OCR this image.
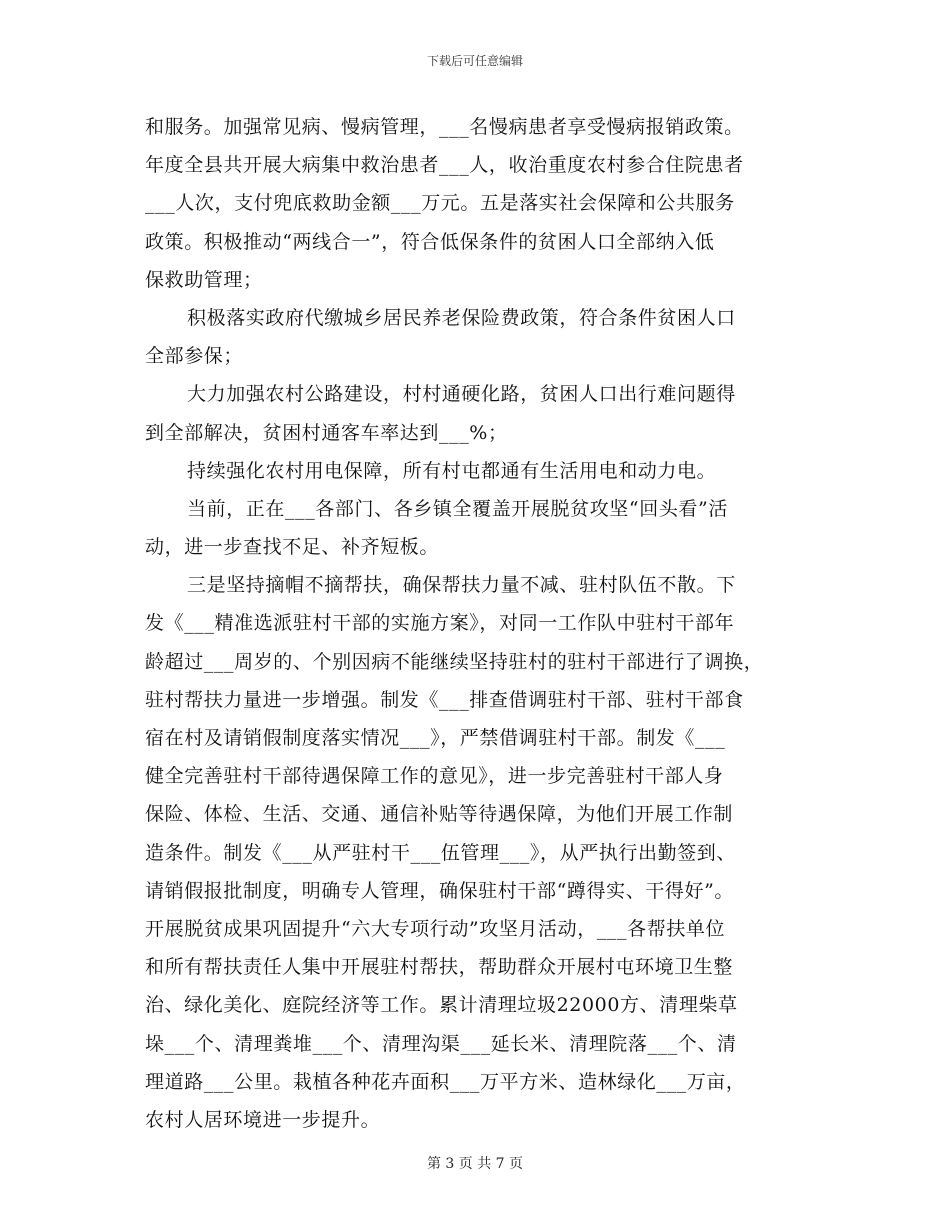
下载后可任意编辑
和服务。加强常见病、慢病管理，___名慢病患者享受慢病报销政策。
年度全县共开展大病集中救治患者___人，收治重度农村参合住院患者
___人次，支付兜底救助金额___万元。五是落实社会保障和公共服务
政策。积极推动“两线合一”，符合低保条件的贫困人口全部纳入低
保救助管理；
积极落实政府代缴城乡居民养老保险费政策，符合条件贫困人口
全部参保；
大力加强农村公路建设，村村通硬化路，贫困人口出行难问题得
到全部解决，贫困村通客车率达到___%；
持续强化农村用电保障，所有村屯都通有生活用电和动力电。
当前，正在___各部门、各乡镇全覆盖开展脱贫攻坚“回头看”活
动，进一步查找不足、补齐短板。
三是坚持摘帽不摘帮扶，确保帮扶力量不减、驻村队伍不散。下
发《___精准选派驻村干部的实施方案》，对同一工作队中驻村干部年
龄超过___周岁的、个别因病不能继续坚持驻村的驻村干部进行了调换，
驻村帮扶力量进一步增强。制发《___排查借调驻村干部、驻村干部食
宿在村及请销假制度落实情况___》，严禁借调驻村干部。制发《___
健全完善驻村干部待遇保障工作的意见》，进一步完善驻村干部人身
保险、体检、生活、交通、通信补贴等待遇保障，为他们开展工作制
造条件。制发《___从严驻村干___伍管理___》，从严执行出勤签到、
请销假报批制度，明确专人管理，确保驻村干部“蹲得实、干得好”。
开展脱贫成果巩固提升“六大专项行动”攻坚月活动，___各帮扶单位
和所有帮扶责任人集中开展驻村帮扶，帮助群众开展村屯环境卫生整
治、绿化美化、庭院经济等工作。累计清理垃圾22000方、清理柴草
垛___个、清理粪堆___个、清理沟渠___延长米、清理院落___个、清
理道路___公里。栽植各种花卉面积___万平方米、造林绿化___万亩，
农村人居环境进一步提升。
第 3 页 共 7 页
